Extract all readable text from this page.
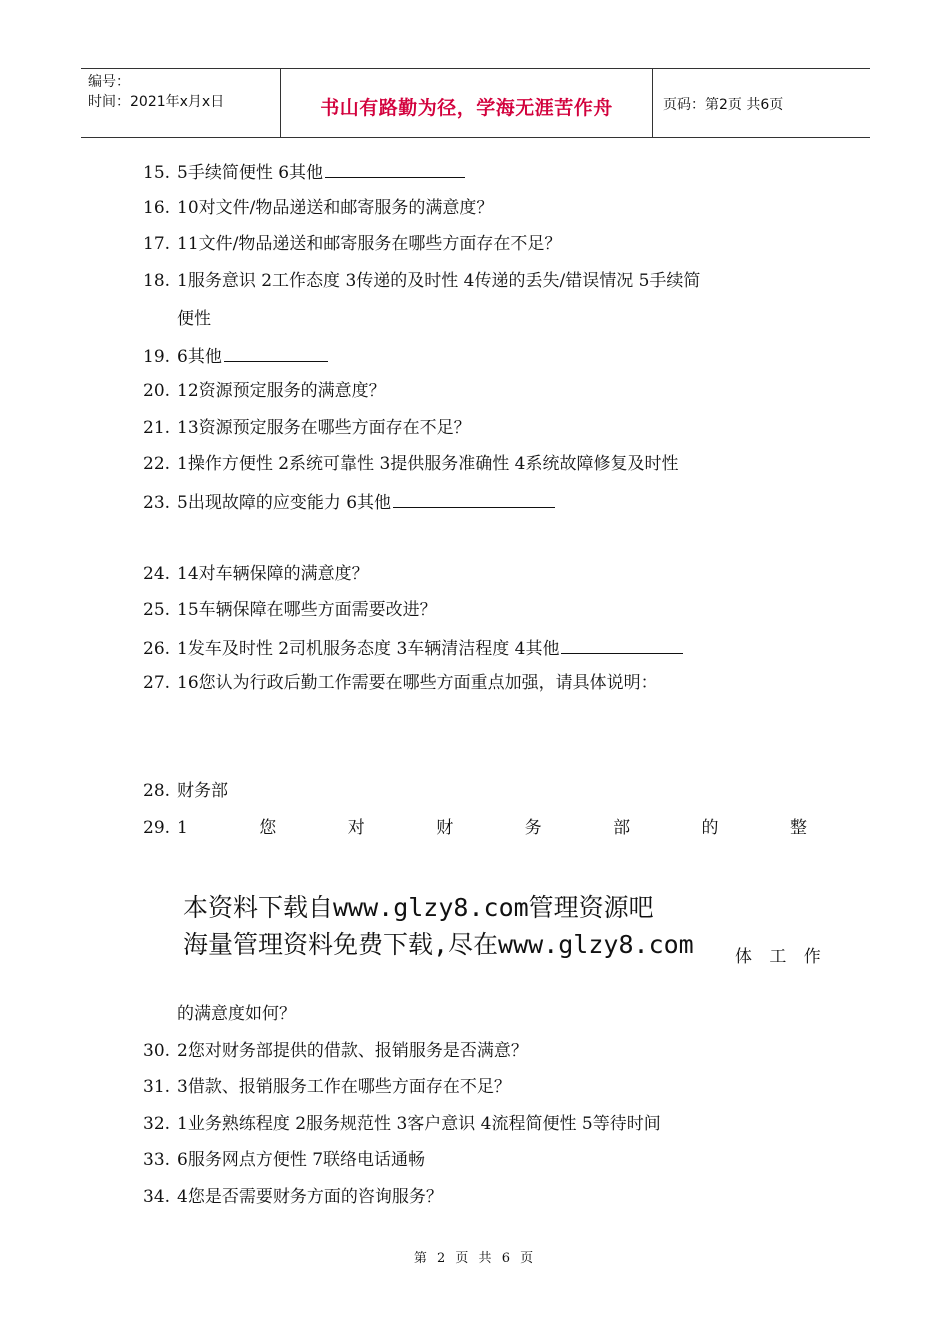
编号：
时间：2021年x月x日	书山有路勤为径，学海无涯苦作舟	页码：第2页 共6页
15. 5手续简便性 6其他
16. 10对文件/物品递送和邮寄服务的满意度？
17. 11文件/物品递送和邮寄服务在哪些方面存在不足？
18. 1服务意识 2工作态度 3传递的及时性 4传递的丢失/错误情况 5手续简
便性
19. 6其他
20. 12资源预定服务的满意度？
21. 13资源预定服务在哪些方面存在不足？
22. 1操作方便性 2系统可靠性 3提供服务准确性 4系统故障修复及时性
23. 5出现故障的应变能力 6其他
24. 14对车辆保障的满意度？
25. 15车辆保障在哪些方面需要改进？
26. 1发车及时性 2司机服务态度 3车辆清洁程度 4其他
27. 16您认为行政后勤工作需要在哪些方面重点加强，请具体说明：
28. 财务部
29. 1	您	对	财	务	部	的	整
本资料下载自www.glzy8.com管理资源吧
海量管理资料免费下载,尽在www.glzy8.com 体 工 作
的满意度如何？
30. 2您对财务部提供的借款、报销服务是否满意？
31. 3借款、报销服务工作在哪些方面存在不足？
32. 1业务熟练程度 2服务规范性 3客户意识 4流程简便性 5等待时间
33. 6服务网点方便性 7联络电话通畅
34. 4您是否需要财务方面的咨询服务？
第 2 页 共 6 页
